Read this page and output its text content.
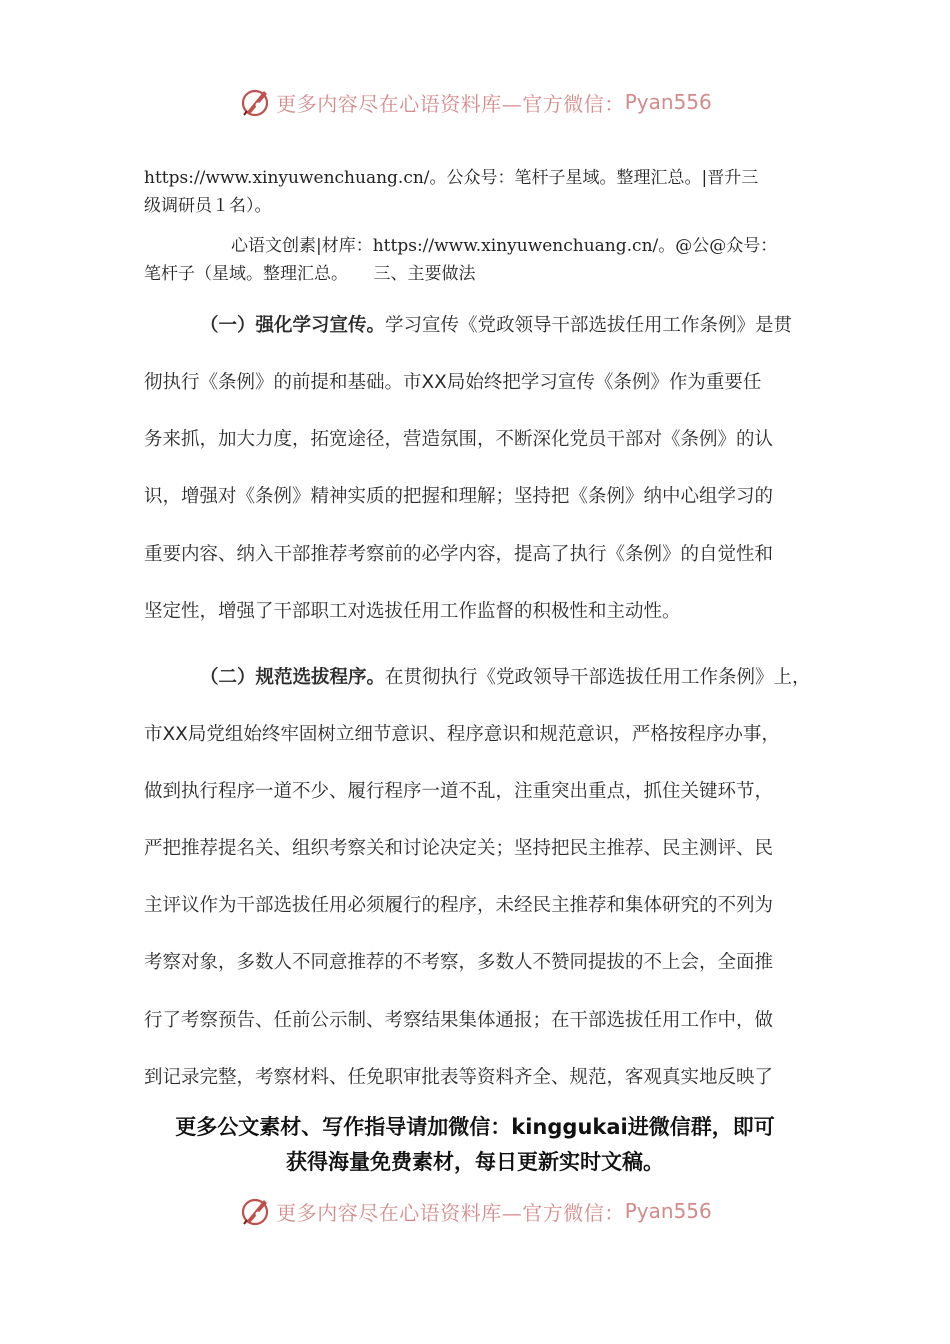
更多内容尽在心语资料库—官方微信： Pyan556
https://www.xinyuwenchuang.cn/。公众号：笔杆子星域。整理汇总。|晋升三
级调研员１名）。
心语文创素|材库：https://www.xinyuwenchuang.cn/。@公@众号：
笔杆子（星域。整理汇总。　　三、主要做法
（一）强化学习宣传。学习宣传《党政领导干部选拔任用工作条例》是贯
彻执行《条例》的前提和基础。市XX局始终把学习宣传《条例》作为重要任
务来抓，加大力度，拓宽途径，营造氛围，不断深化党员干部对《条例》的认
识，增强对《条例》精神实质的把握和理解；坚持把《条例》纳中心组学习的
重要内容、纳入干部推荐考察前的必学内容，提高了执行《条例》的自觉性和
坚定性，增强了干部职工对选拔任用工作监督的积极性和主动性。
（二）规范选拔程序。在贯彻执行《党政领导干部选拔任用工作条例》上，
市XX局党组始终牢固树立细节意识、程序意识和规范意识，严格按程序办事，
做到执行程序一道不少、履行程序一道不乱，注重突出重点，抓住关键环节，
严把推荐提名关、组织考察关和讨论决定关；坚持把民主推荐、民主测评、民
主评议作为干部选拔任用必须履行的程序，未经民主推荐和集体研究的不列为
考察对象，多数人不同意推荐的不考察，多数人不赞同提拔的不上会，全面推
行了考察预告、任前公示制、考察结果集体通报；在干部选拔任用工作中，做
到记录完整，考察材料、任免职审批表等资料齐全、规范，客观真实地反映了
更多公文素材、写作指导请加微信：kinggukai进微信群，即可
获得海量免费素材，每日更新实时文稿。
更多内容尽在心语资料库—官方微信： Pyan556
